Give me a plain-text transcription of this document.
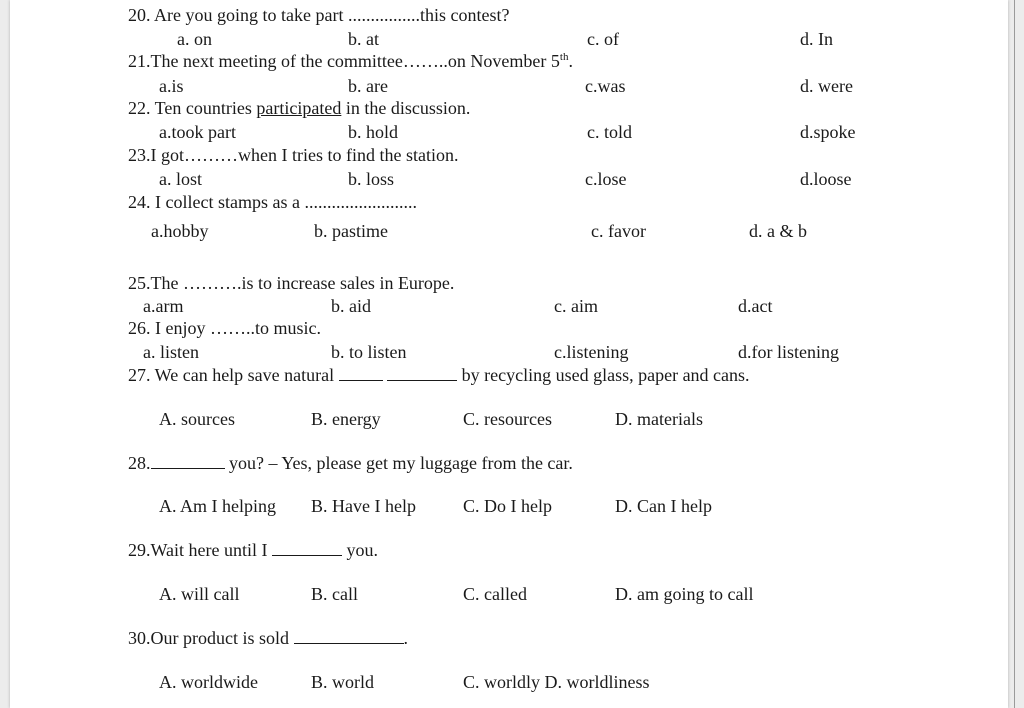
20. Are you going to take part ................this contest?
a. on	b. at	c. of	d. In
21.The next meeting of the committee……..on November 5th.
a.is	b. are	c.was	d. were
22. Ten countries participated in the discussion.
a.took part	b. hold	c. told	d.spoke
23.I got………when I tries to find the station.
a. lost	b. loss	c.lose	d.loose
24. I collect stamps as a .........................
a.hobby	b. pastime	c. favor	d. a & b
25.The ……….is to increase sales in Europe.
a.arm	b. aid	c. aim	d.act
26. I enjoy ……..to music.
a. listen	b. to listen	c.listening	d.for listening
27. We can help save natural	by recycling used glass, paper and cans.
A. sources	B. energy	C. resources	D. materials
28.	you? – Yes, please get my luggage from the car.
A. Am I helping B. Have I help	C. Do I help	D. Can I help
29.Wait here until I	you.
A. will call	B. call	C. called	D. am going to call
30.Our product is sold	.
A. worldwide	B. world	C. worldly D. worldliness
